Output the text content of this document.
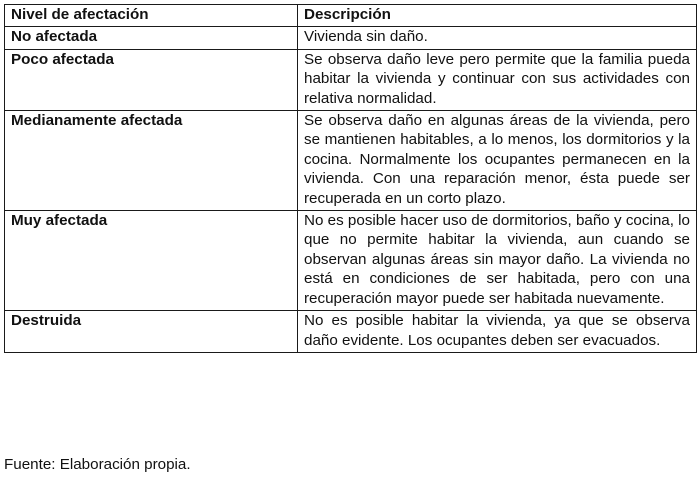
Nivel de afectación	Descripción
No afectada	Vivienda sin daño.
Poco afectada	Se observa daño leve pero permite que la familia pueda habitar la vivienda y continuar con sus actividades con relativa normalidad.
Medianamente afectada	Se observa daño en algunas áreas de la vivienda, pero se mantienen habitables, a lo menos, los dormitorios y la cocina. Normalmente los ocupantes permanecen en la vivienda. Con una reparación menor, ésta puede ser recuperada en un corto plazo.
Muy afectada	No es posible hacer uso de dormitorios, baño y cocina, lo que no permite habitar la vivienda, aun cuando se observan algunas áreas sin mayor daño. La vivienda no está en condiciones de ser habitada, pero con una recuperación mayor puede ser habitada nuevamente.
Destruida	No es posible habitar la vivienda, ya que se observa daño evidente. Los ocupantes deben ser evacuados.
Fuente: Elaboración propia.
